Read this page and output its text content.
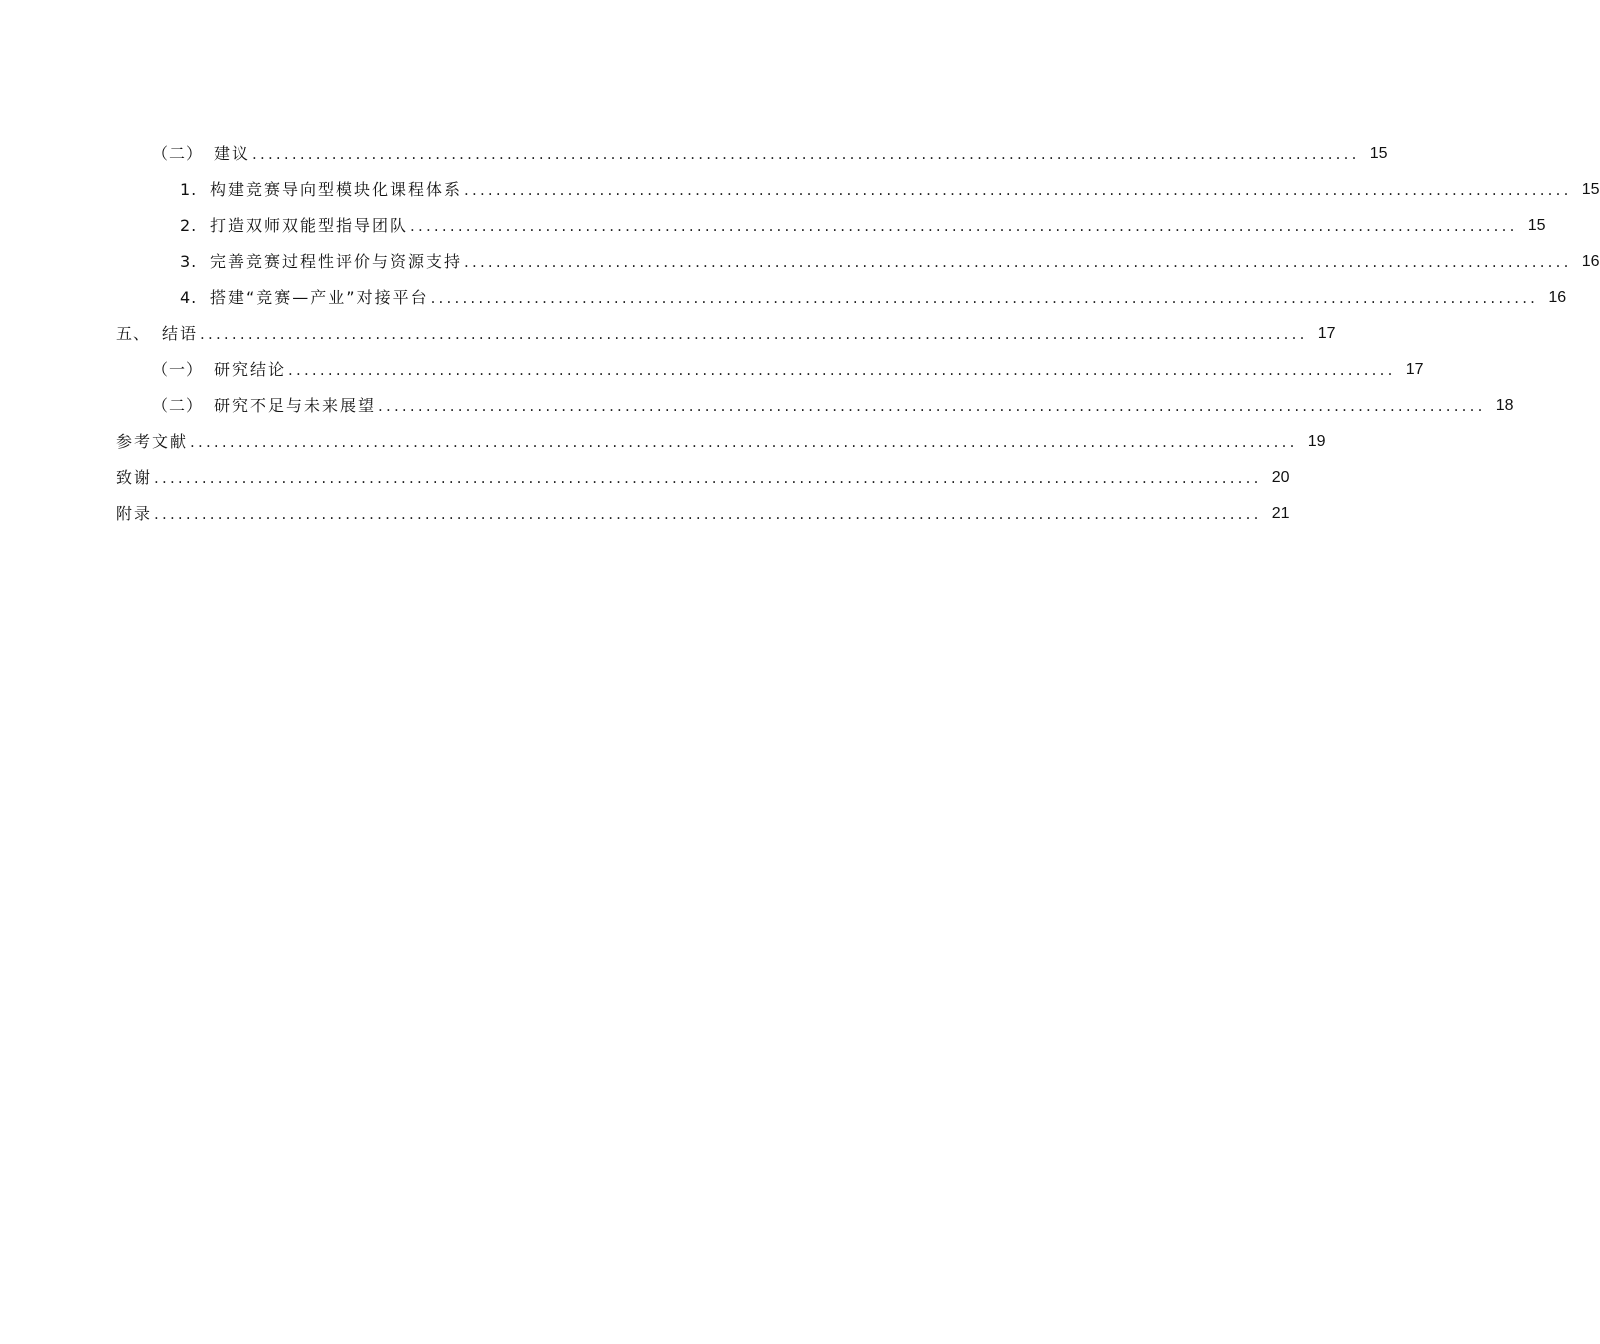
（二） 建议 ........................................................................................................................................... 15
1. 构建竞赛导向型模块化课程体系 ........................................................................................................................................... 15
2. 打造双师双能型指导团队 ........................................................................................................................................... 15
3. 完善竞赛过程性评价与资源支持 ........................................................................................................................................... 16
4. 搭建“竞赛—产业”对接平台 ........................................................................................................................................... 16
五、 结语 ........................................................................................................................................... 17
（一） 研究结论 ........................................................................................................................................... 17
（二） 研究不足与未来展望 ........................................................................................................................................... 18
参考文献 ........................................................................................................................................... 19
致谢 ........................................................................................................................................... 20
附录 ........................................................................................................................................... 21
